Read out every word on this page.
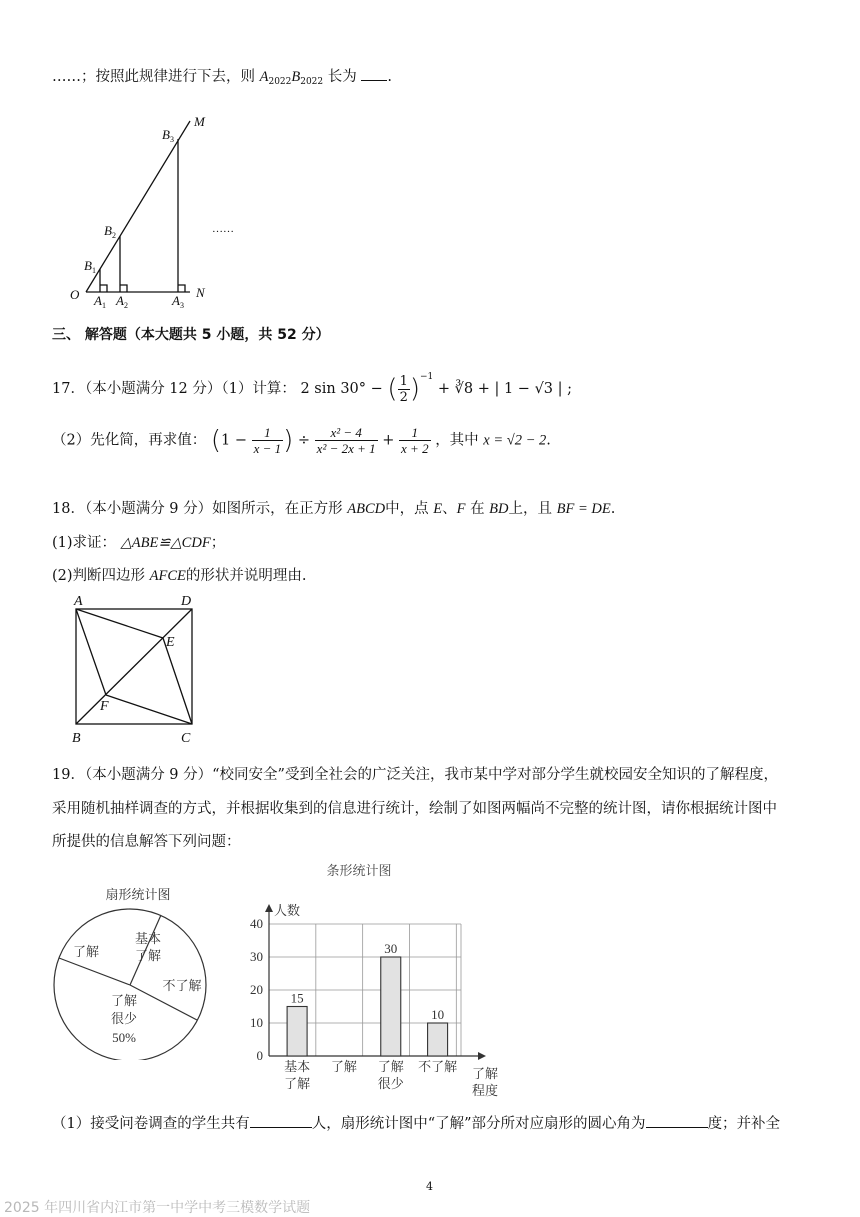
……；按照此规律进行下去，则 $A_{2022}B_{2022}$ 长为 .
M
N
O
$B_3$
$B_2$
$B_1$
$A_1$ $A_2$	$A_3$
……
三、 解答题（本大题共 5 小题，共 52 分）
17．（本小题满分 12 分）（1）计算： 2 sin 30° − ( $\frac{1}{2} )^{-1}$ + ∛8 + | 1 − √3 | ;
（2）先化简，再求值： ($1 - \frac{1}{x - 1}$ ) ÷ $\frac{\text{x² − 4}}{\text{x² − 2x + 1}} + \frac{1}{x + 2}$ ，其中 x = √2 − 2.
18．（本小题满分 9 分）如图所示，在正方形 ABCD中，点 E、F 在 BD上，且 BF = DE.
(1)求证： △ABE≌△CDF；
(2)判断四边形 AFCE的形状并说明理由.
A	D
B	C
E
F
19．（本小题满分 9 分）“校同安全”受到全社会的广泛关注，我市某中学对部分学生就校园安全知识的了解程度，
采用随机抽样调查的方式，并根据收集到的信息进行统计，绘制了如图两幅尚不完整的统计图，请你根据统计图中
所提供的信息解答下列问题：
扇形统计图
基本
了解
了解
不了解
了解
很少
50%
条形统计图
人数
0
10
20
30
40
15
基本
了解
了解
30
了解
很少
10
不了解
了解
程度
（1）接受问卷调查的学生共有	人，扇形统计图中“了解”部分所对应扇形的圆心角为	度；并补全
4
2025 年四川省内江市第一中学中考三模数学试题
